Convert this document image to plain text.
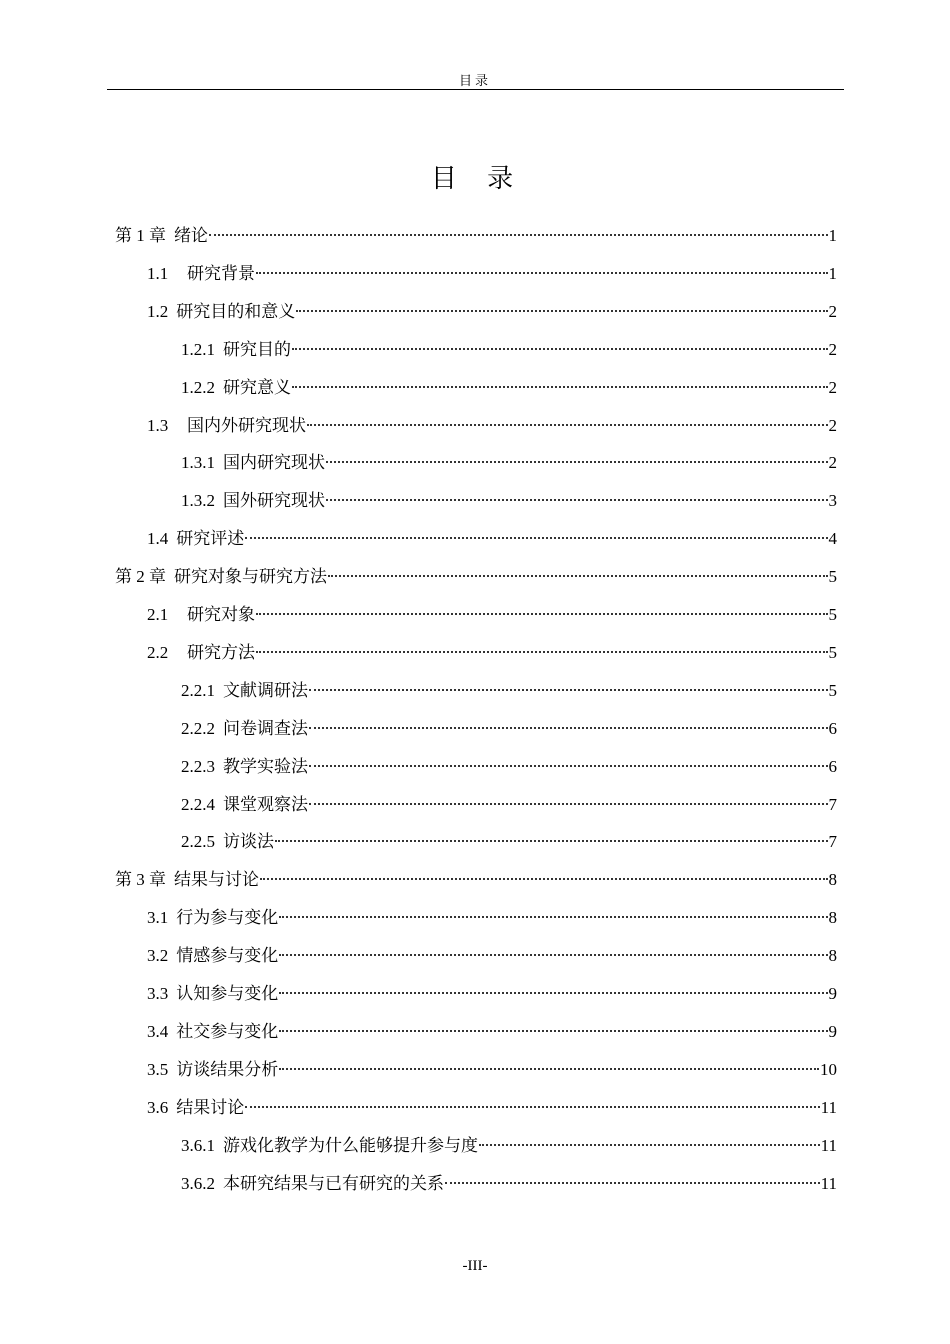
目录
目 录
第 1 章 绪论	1
1.1 研究背景	1
1.2 研究目的和意义	2
1.2.1 研究目的	2
1.2.2 研究意义	2
1.3 国内外研究现状	2
1.3.1 国内研究现状	2
1.3.2 国外研究现状	3
1.4 研究评述	4
第 2 章 研究对象与研究方法	5
2.1 研究对象	5
2.2 研究方法	5
2.2.1 文献调研法	5
2.2.2 问卷调查法	6
2.2.3 教学实验法	6
2.2.4 课堂观察法	7
2.2.5 访谈法	7
第 3 章 结果与讨论	8
3.1 行为参与变化	8
3.2 情感参与变化	8
3.3 认知参与变化	9
3.4 社交参与变化	9
3.5 访谈结果分析	10
3.6 结果讨论	11
3.6.1 游戏化教学为什么能够提升参与度	11
3.6.2 本研究结果与已有研究的关系	11
-III-
